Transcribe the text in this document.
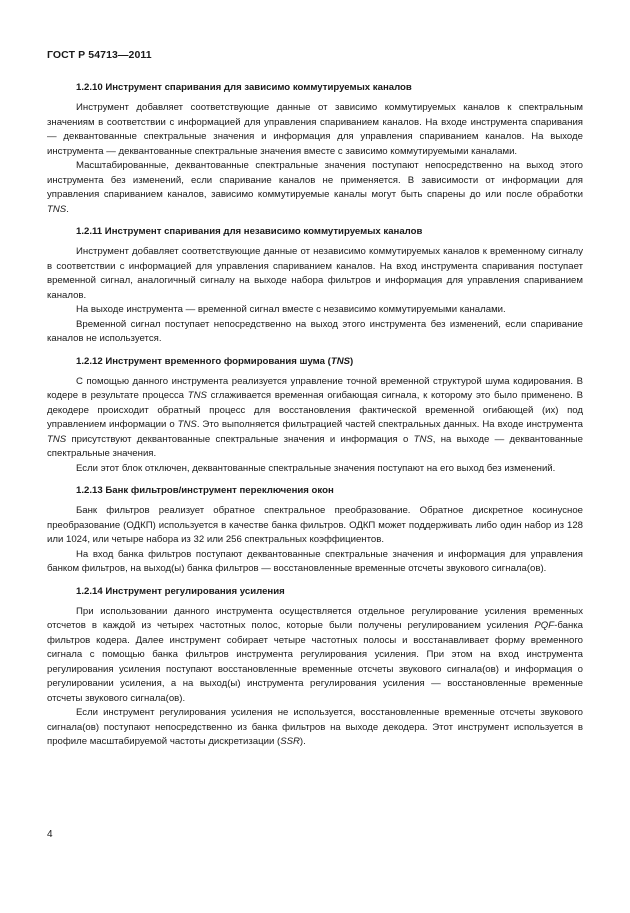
ГОСТ Р 54713—2011
1.2.10 Инструмент спаривания для зависимо коммутируемых каналов

Инструмент добавляет соответствующие данные от зависимо коммутируемых каналов к спектральным значениям в соответствии с информацией для управления спариванием каналов. На входе инструмента спаривания — деквантованные спектральные значения и информация для управления спариванием каналов. На выходе инструмента — деквантованные спектральные значения вместе с зависимо коммутируемыми каналами.

Масштабированные, деквантованные спектральные значения поступают непосредственно на выход этого инструмента без изменений, если спаривание каналов не применяется. В зависимости от информации для управления спариванием каналов, зависимо коммутируемые каналы могут быть спарены до или после обработки TNS.

1.2.11 Инструмент спаривания для независимо коммутируемых каналов

Инструмент добавляет соответствующие данные от независимо коммутируемых каналов к временному сигналу в соответствии с информацией для управления спариванием каналов. На вход инструмента спаривания поступает временной сигнал, аналогичный сигналу на выходе набора фильтров и информация для управления спариванием каналов.

На выходе инструмента — временной сигнал вместе с независимо коммутируемыми каналами.

Временной сигнал поступает непосредственно на выход этого инструмента без изменений, если спаривание каналов не используется.

1.2.12 Инструмент временного формирования шума (TNS)

С помощью данного инструмента реализуется управление точной временной структурой шума кодирования. В кодере в результате процесса TNS сглаживается временная огибающая сигнала, к которому это было применено. В декодере происходит обратный процесс для восстановления фактической временной огибающей (их) под управлением информации о TNS. Это выполняется фильтрацией частей спектральных данных. На входе инструмента TNS присутствуют деквантованные спектральные значения и информация о TNS, на выходе — деквантованные спектральные значения.

Если этот блок отключен, деквантованные спектральные значения поступают на его выход без изменений.

1.2.13 Банк фильтров/инструмент переключения окон

Банк фильтров реализует обратное спектральное преобразование. Обратное дискретное косинусное преобразование (ОДКП) используется в качестве банка фильтров. ОДКП может поддерживать либо один набор из 128 или 1024, или четыре набора из 32 или 256 спектральных коэффициентов.

На вход банка фильтров поступают деквантованные спектральные значения и информация для управления банком фильтров, на выход(ы) банка фильтров — восстановленные временные отсчеты звукового сигнала(ов).

1.2.14 Инструмент регулирования усиления

При использовании данного инструмента осуществляется отдельное регулирование усиления временных отсчетов в каждой из четырех частотных полос, которые были получены регулированием усиления PQF-банка фильтров кодера. Далее инструмент собирает четыре частотных полосы и восстанавливает форму временного сигнала с помощью банка фильтров инструмента регулирования усиления. При этом на вход инструмента регулирования усиления поступают восстановленные временные отсчеты звукового сигнала(ов) и информация о регулировании усиления, а на выход(ы) инструмента регулирования усиления — восстановленные временные отсчеты звукового сигнала(ов).

Если инструмент регулирования усиления не используется, восстановленные временные отсчеты звукового сигнала(ов) поступают непосредственно из банка фильтров на выходе декодера. Этот инструмент используется в профиле масштабируемой частоты дискретизации (SSR).

4
